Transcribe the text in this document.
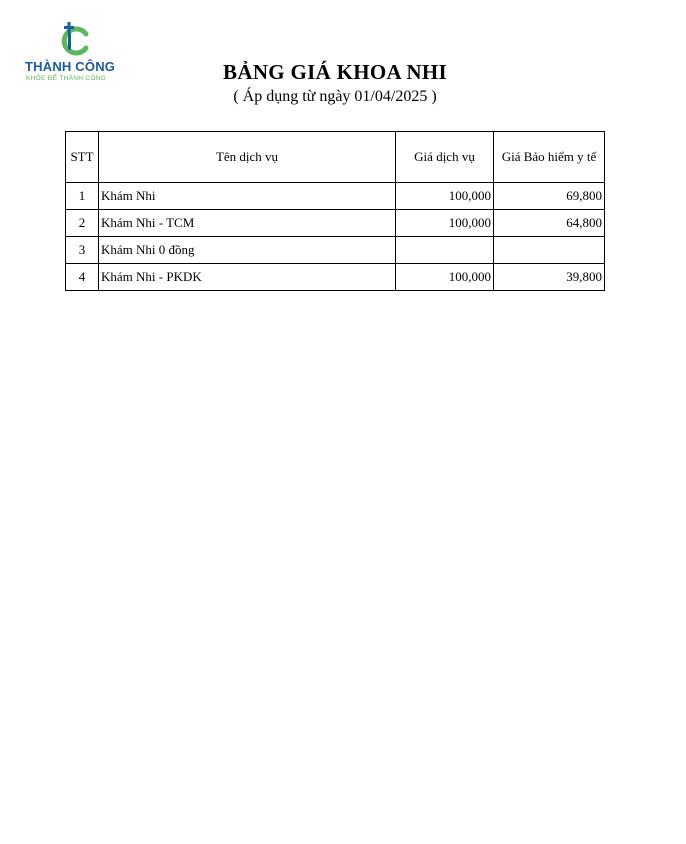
THÀNH CÔNG
KHỎE ĐỂ THÀNH CÔNG	BẢNG GIÁ KHOA NHI
( Áp dụng từ ngày 01/04/2025 )
STT	Tên dịch vụ	Giá dịch vụ	Giá Bảo hiểm y tế
1	Khám Nhi	100,000	69,800
2	Khám Nhi - TCM	100,000	64,800
3	Khám Nhi 0 đồng		
4	Khám Nhi - PKDK	100,000	39,800
